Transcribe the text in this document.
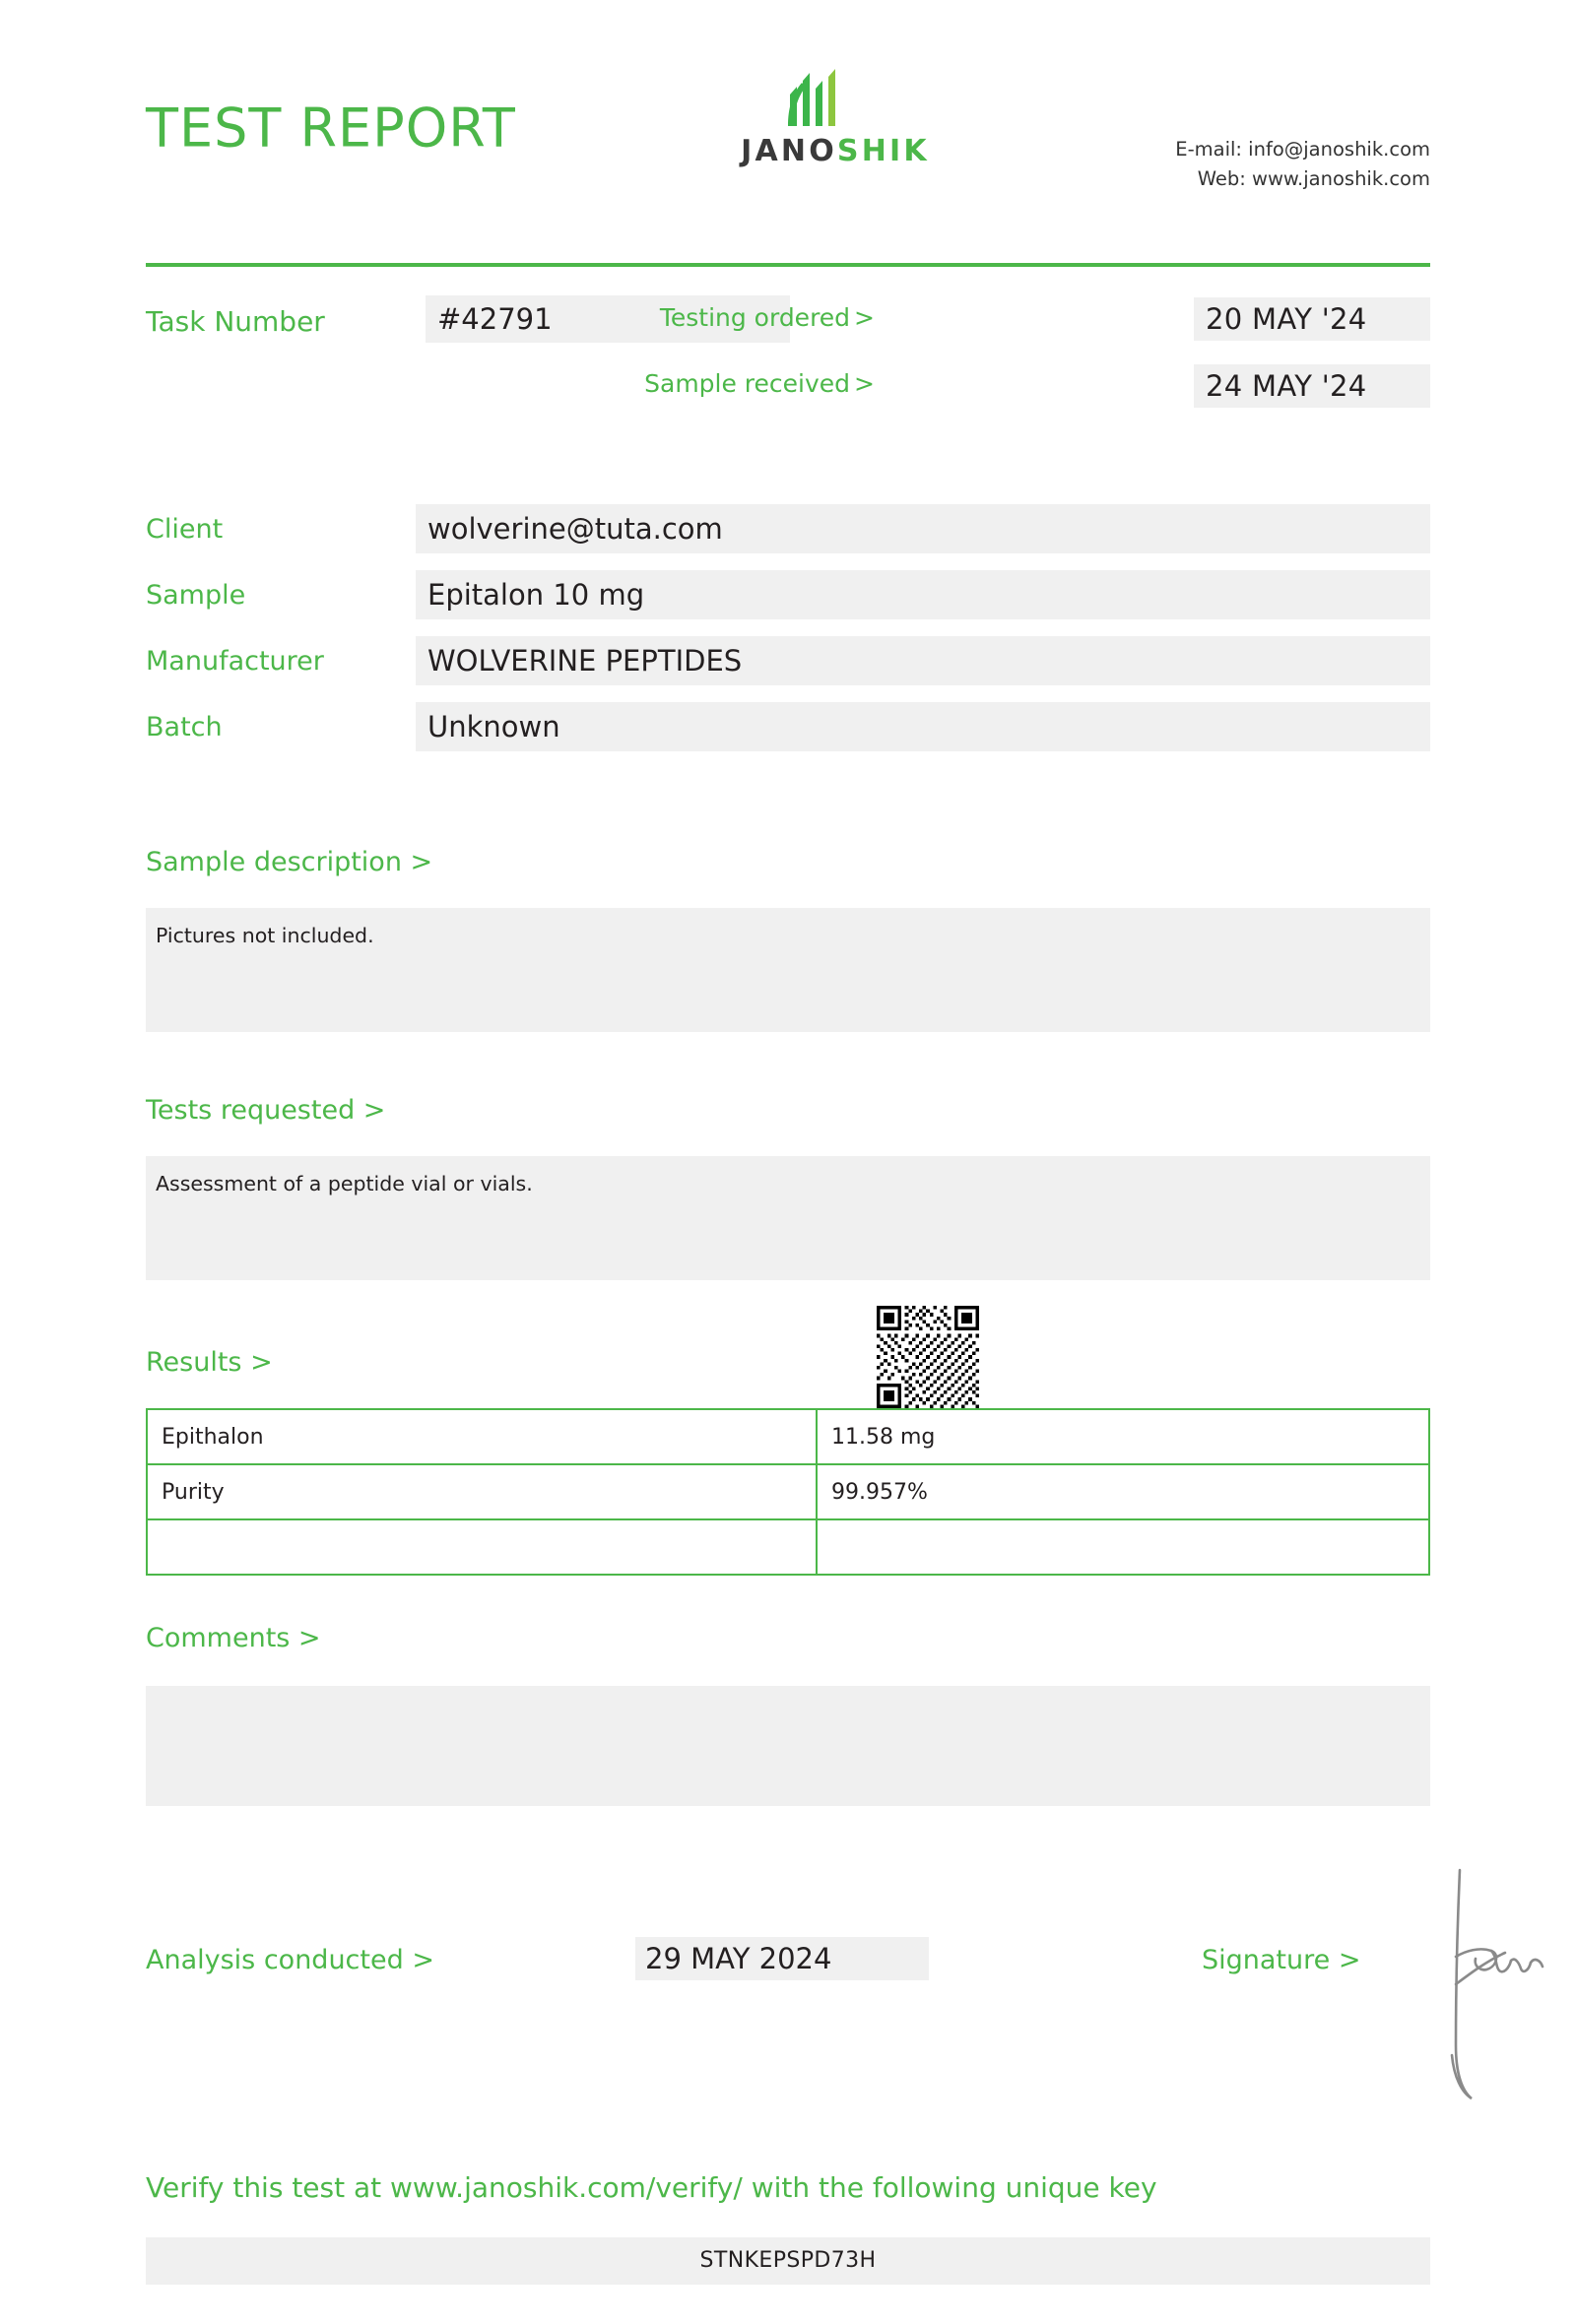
TEST REPORT	JANOSHIK	E-mail: info@janoshik.com
Web: www.janoshik.com
Task Number	#42791	Testing ordered >	20 MAY '24
Sample received >	24 MAY '24
Client	wolverine@tuta.com
Sample	Epitalon 10 mg
Manufacturer	WOLVERINE PEPTIDES
Batch	Unknown
Sample description >
Pictures not included.
Tests requested >
Assessment of a peptide vial or vials.
Results >
Epithalon	11.58 mg
Purity	99.957%

Comments >
Analysis conducted >	29 MAY 2024	Signature >
Verify this test at www.janoshik.com/verify/ with the following unique key
STNKEPSPD73H
